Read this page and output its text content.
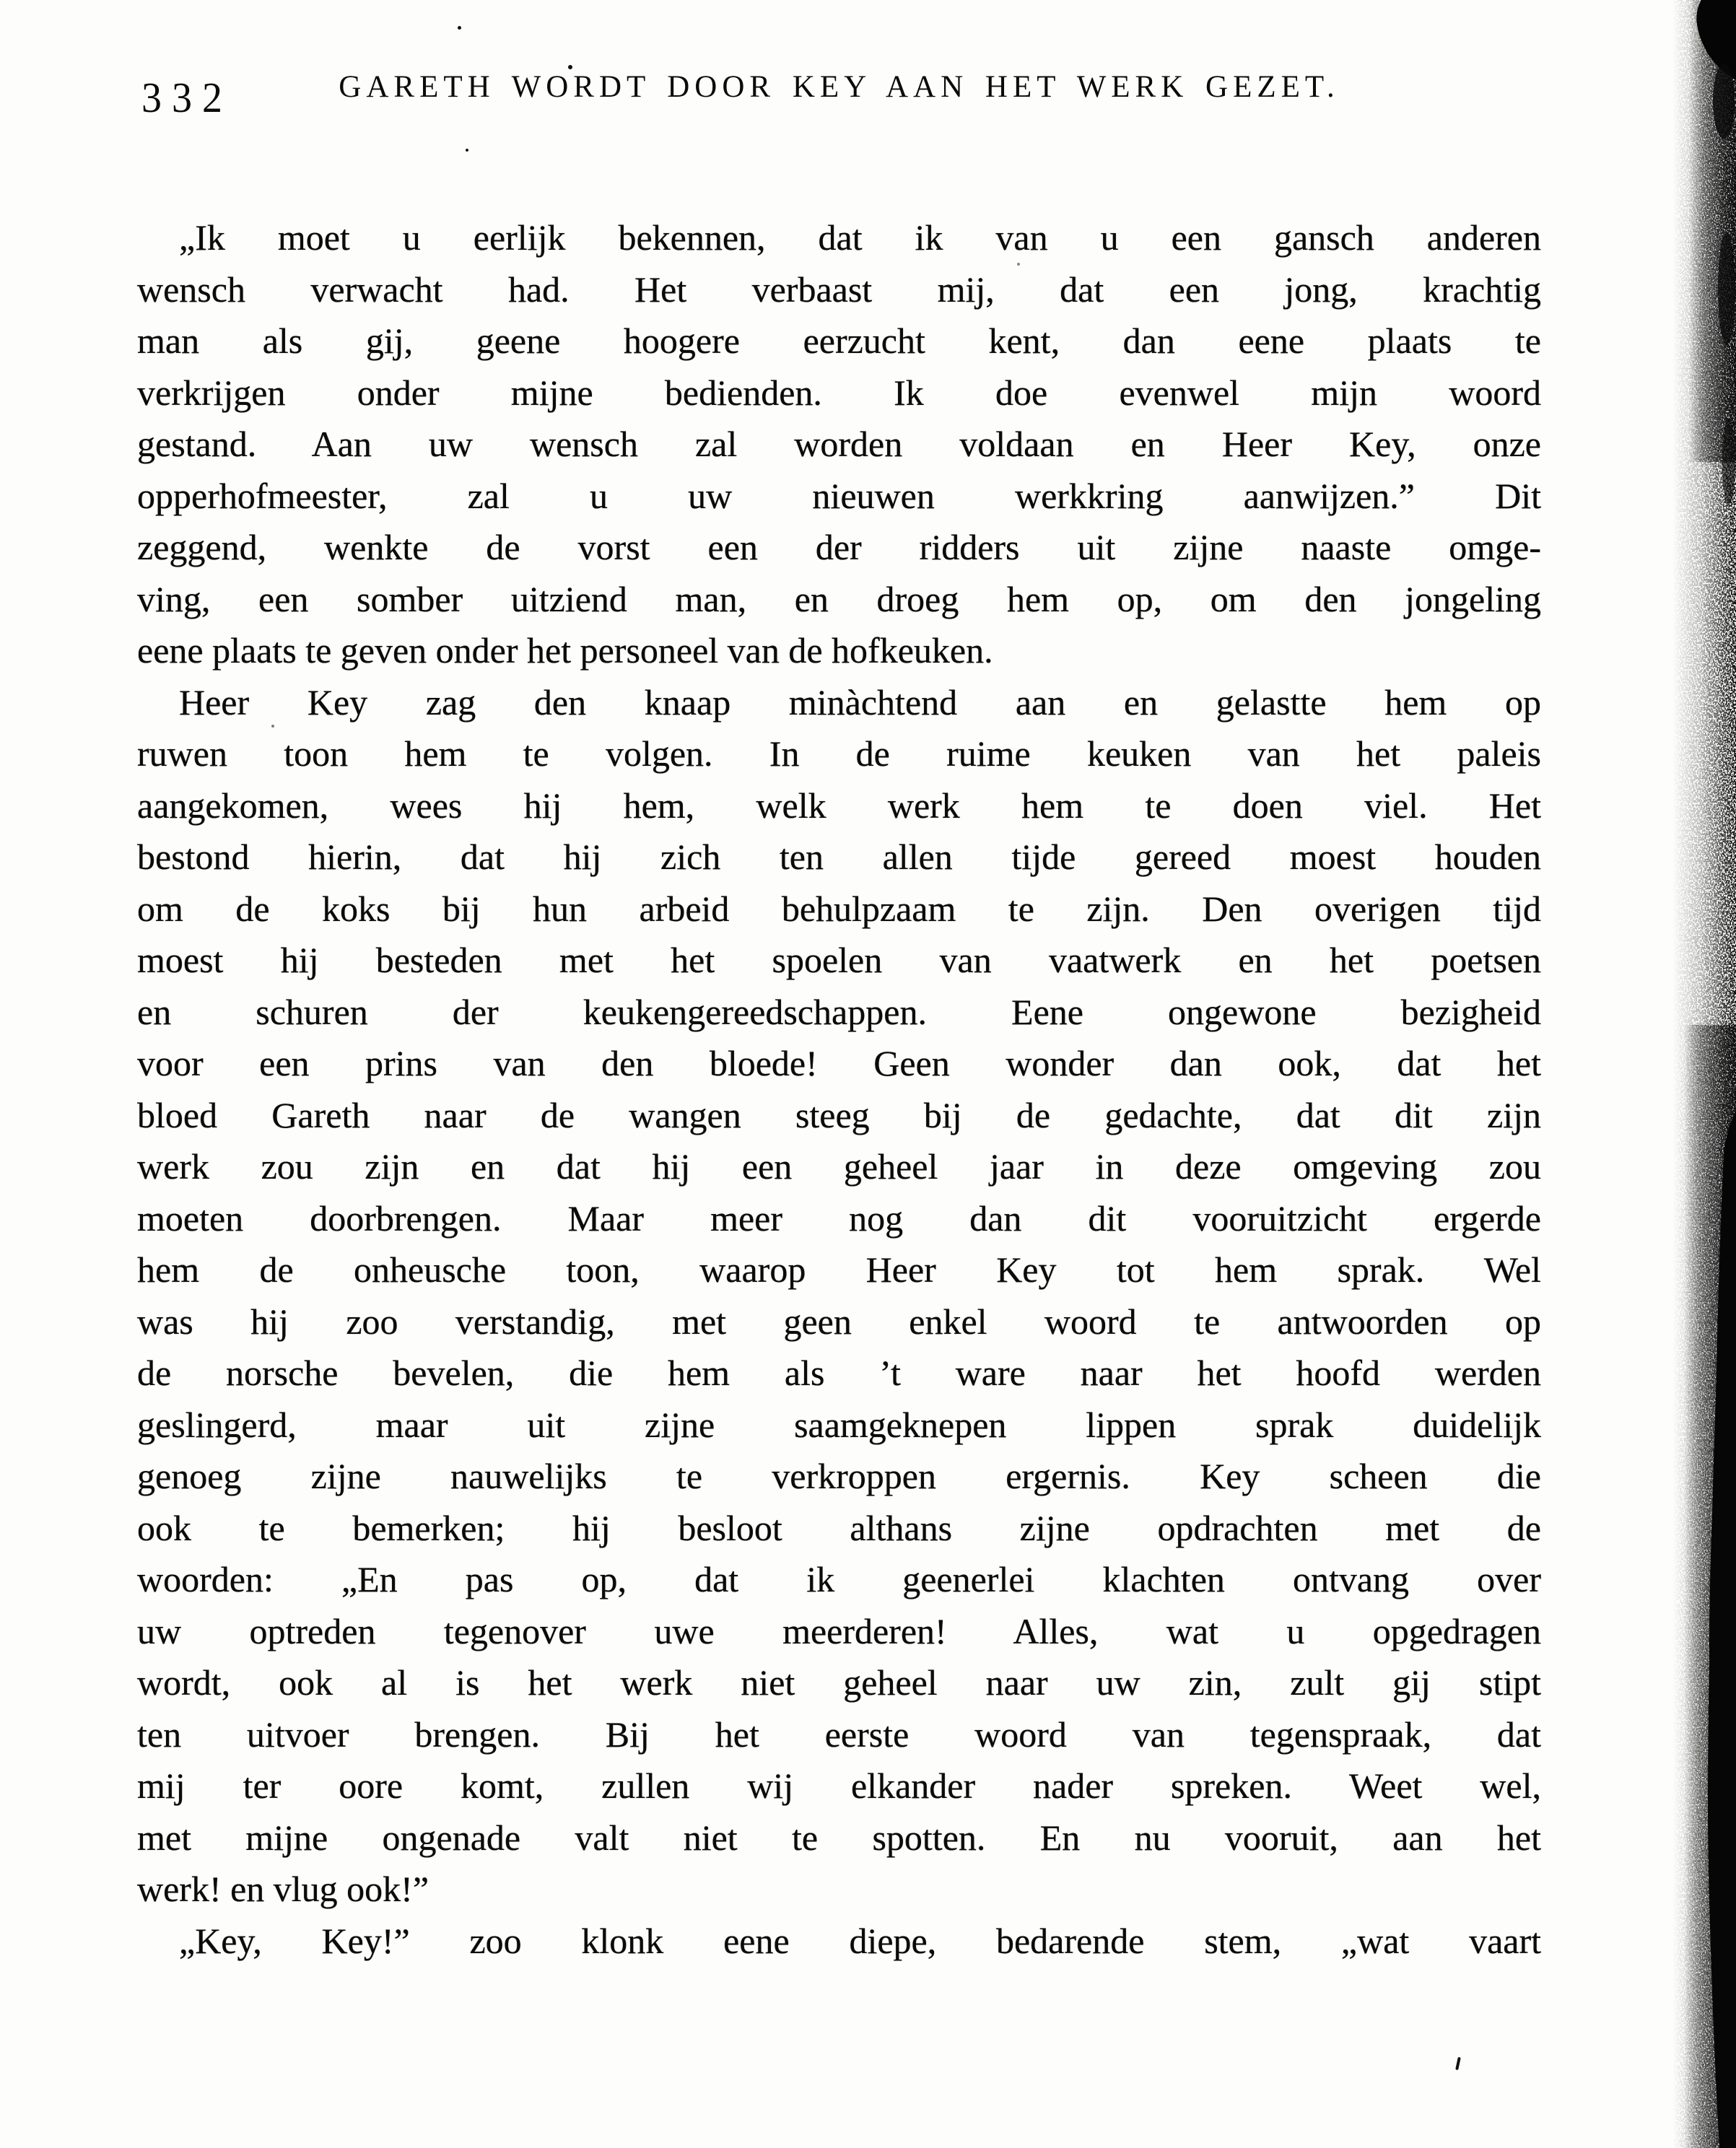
332	GARETH WORDT DOOR KEY AAN HET WERK GEZET.
„Ik moet u eerlijk bekennen, dat ik van u een gansch anderen
wensch verwacht had. Het verbaast mij, dat een jong, krachtig
man als gij, geene hoogere eerzucht kent, dan eene plaats te
verkrijgen onder mijne bedienden. Ik doe evenwel mijn woord
gestand. Aan uw wensch zal worden voldaan en Heer Key, onze
opperhofmeester, zal u uw nieuwen werkkring aanwijzen.” Dit
zeggend, wenkte de vorst een der ridders uit zijne naaste omge-
ving, een somber uitziend man, en droeg hem op, om den jongeling
eene plaats te geven onder het personeel van de hofkeuken.
Heer Key zag den knaap minàchtend aan en gelastte hem op
ruwen toon hem te volgen. In de ruime keuken van het paleis
aangekomen, wees hij hem, welk werk hem te doen viel. Het
bestond hierin, dat hij zich ten allen tijde gereed moest houden
om de koks bij hun arbeid behulpzaam te zijn. Den overigen tijd
moest hij besteden met het spoelen van vaatwerk en het poetsen
en schuren der keukengereedschappen. Eene ongewone bezigheid
voor een prins van den bloede! Geen wonder dan ook, dat het
bloed Gareth naar de wangen steeg bij de gedachte, dat dit zijn
werk zou zijn en dat hij een geheel jaar in deze omgeving zou
moeten doorbrengen. Maar meer nog dan dit vooruitzicht ergerde
hem de onheusche toon, waarop Heer Key tot hem sprak. Wel
was hij zoo verstandig, met geen enkel woord te antwoorden op
de norsche bevelen, die hem als ’t ware naar het hoofd werden
geslingerd, maar uit zijne saamgeknepen lippen sprak duidelijk
genoeg zijne nauwelijks te verkroppen ergernis. Key scheen die
ook te bemerken; hij besloot althans zijne opdrachten met de
woorden: „En pas op, dat ik geenerlei klachten ontvang over
uw optreden tegenover uwe meerderen! Alles, wat u opgedragen
wordt, ook al is het werk niet geheel naar uw zin, zult gij stipt
ten uitvoer brengen. Bij het eerste woord van tegenspraak, dat
mij ter oore komt, zullen wij elkander nader spreken. Weet wel,
met mijne ongenade valt niet te spotten. En nu vooruit, aan het
werk! en vlug ook!”
„Key, Key!” zoo klonk eene diepe, bedarende stem, „wat vaart
